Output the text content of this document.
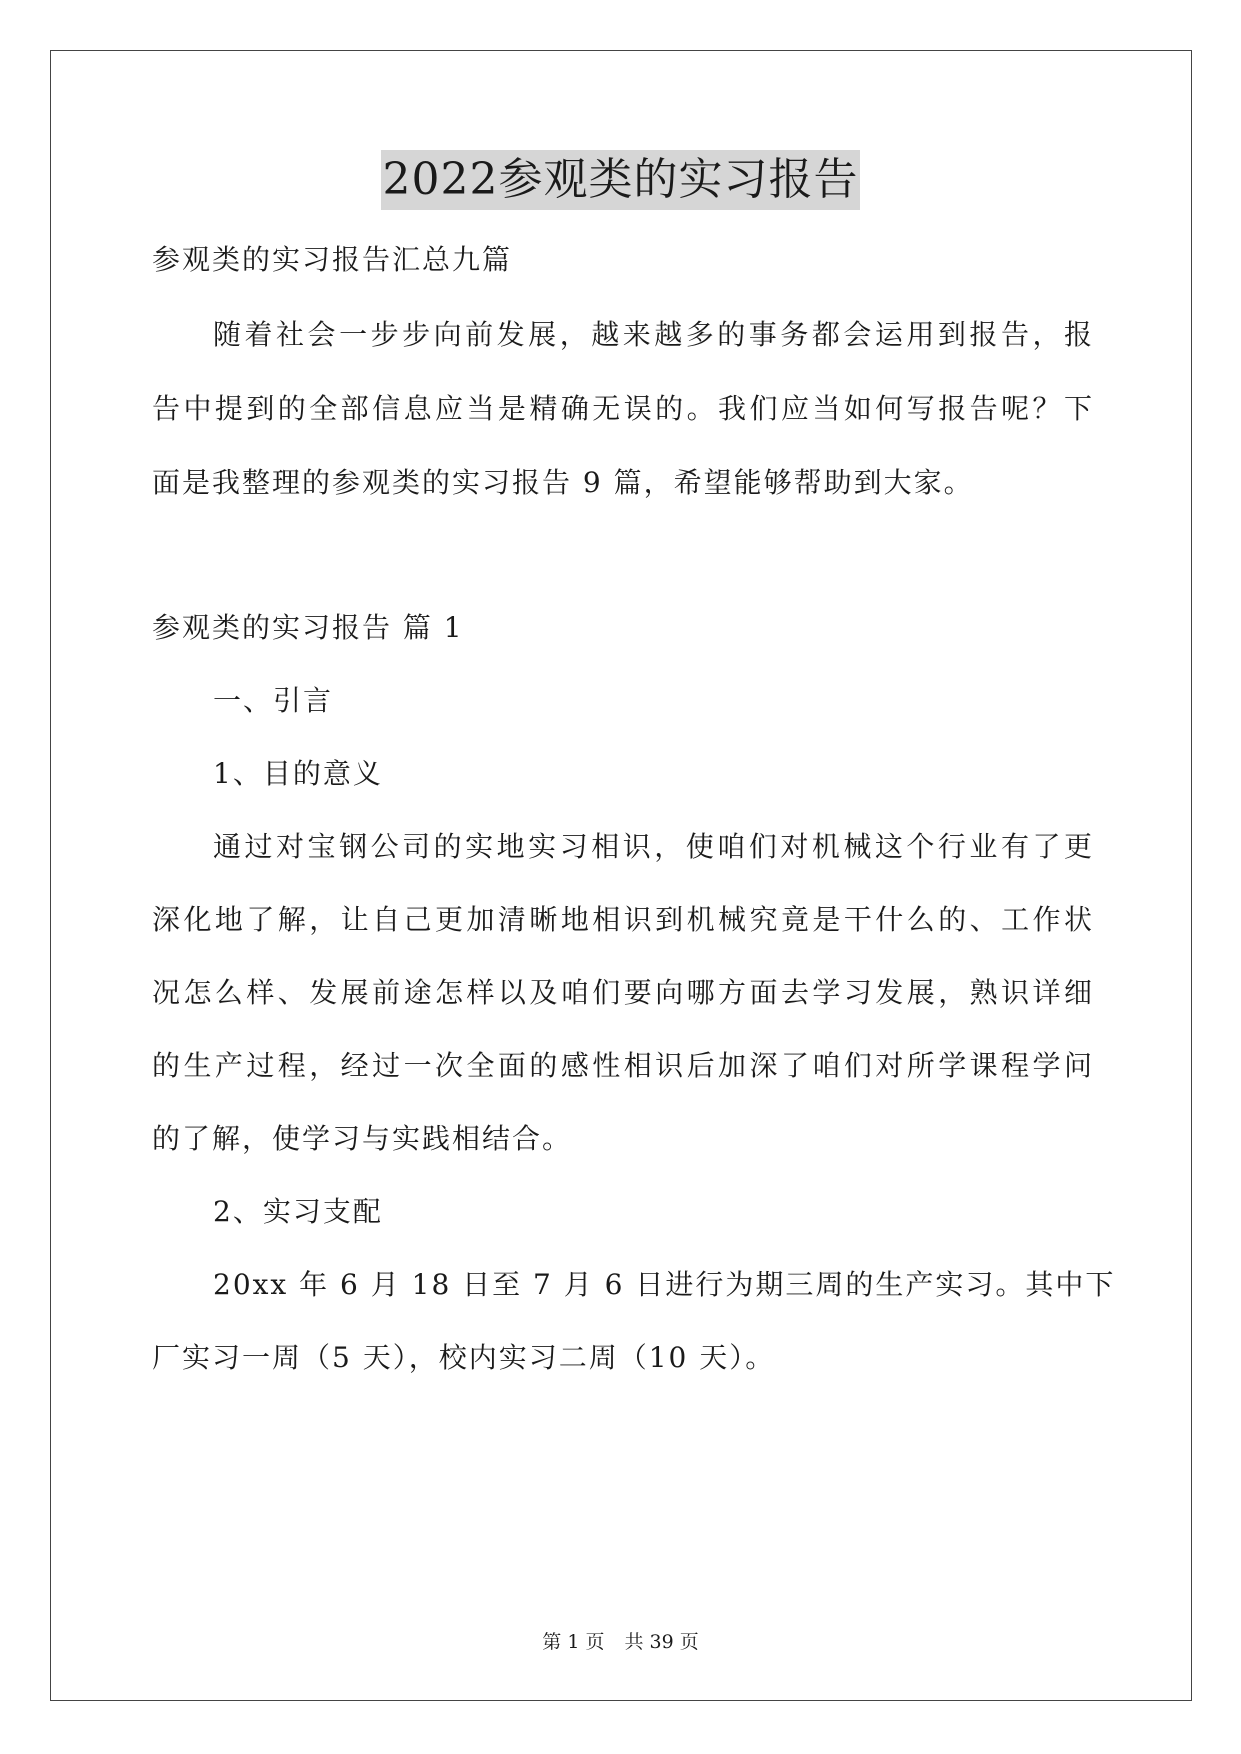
2022参观类的实习报告
参观类的实习报告汇总九篇
随着社会一步步向前发展，越来越多的事务都会运用到报告，报
告中提到的全部信息应当是精确无误的。我们应当如何写报告呢？下
面是我整理的参观类的实习报告 9 篇，希望能够帮助到大家。
参观类的实习报告 篇 1
一、引言
1、目的意义
通过对宝钢公司的实地实习相识，使咱们对机械这个行业有了更
深化地了解，让自己更加清晰地相识到机械究竟是干什么的、工作状
况怎么样、发展前途怎样以及咱们要向哪方面去学习发展，熟识详细
的生产过程，经过一次全面的感性相识后加深了咱们对所学课程学问
的了解，使学习与实践相结合。
2、实习支配
20xx 年 6 月 18 日至 7 月 6 日进行为期三周的生产实习。其中下
厂实习一周（5 天），校内实习二周（10 天）。
第 1 页 共 39 页
